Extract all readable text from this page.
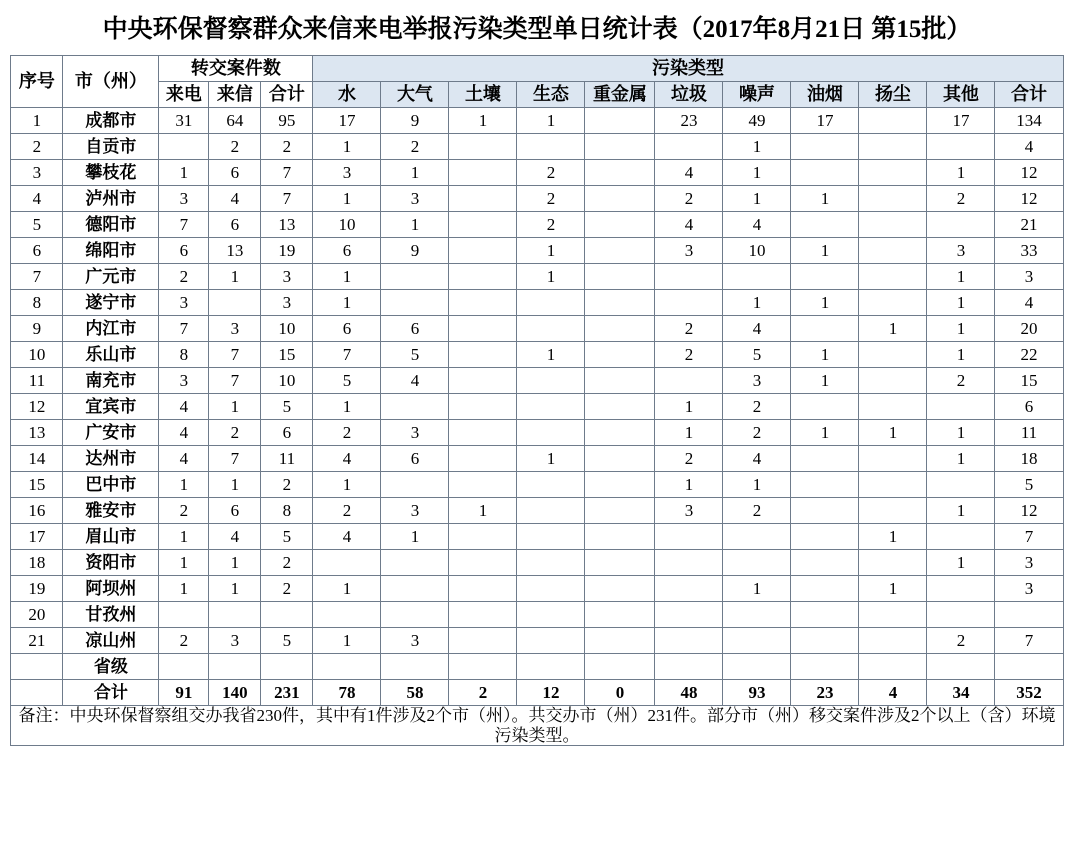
中央环保督察群众来信来电举报污染类型单日统计表（2017年8月21日 第15批）
序号	市（州）	转交案件数			污染类型										
		来电	来信	合计	水	大气	土壤	生态	重金属	垃圾	噪声	油烟	扬尘	其他	合计
1	成都市	31	64	95	17	9	1	1		23	49	17		17	134
2	自贡市		2	2	1	2					1				4
3	攀枝花	1	6	7	3	1		2		4	1			1	12
4	泸州市	3	4	7	1	3		2		2	1	1		2	12
5	德阳市	7	6	13	10	1		2		4	4				21
6	绵阳市	6	13	19	6	9		1		3	10	1		3	33
7	广元市	2	1	3	1			1						1	3
8	遂宁市	3		3	1						1	1		1	4
9	内江市	7	3	10	6	6				2	4		1	1	20
10	乐山市	8	7	15	7	5		1		2	5	1		1	22
11	南充市	3	7	10	5	4					3	1		2	15
12	宜宾市	4	1	5	1					1	2				6
13	广安市	4	2	6	2	3				1	2	1	1	1	11
14	达州市	4	7	11	4	6		1		2	4			1	18
15	巴中市	1	1	2	1					1	1				5
16	雅安市	2	6	8	2	3	1			3	2			1	12
17	眉山市	1	4	5	4	1							1		7
18	资阳市	1	1	2										1	3
19	阿坝州	1	1	2	1						1		1		3
20	甘孜州														
21	凉山州	2	3	5	1	3								2	7
	省级														
	合计	91	140	231	78	58	2	12	0	48	93	23	4	34	352

备注：中央环保督察组交办我省230件，其中有1件涉及2个市（州）。共交办市（州）231件。部分市（州）移交案件涉及2个以上（含）环境污染类型。															
